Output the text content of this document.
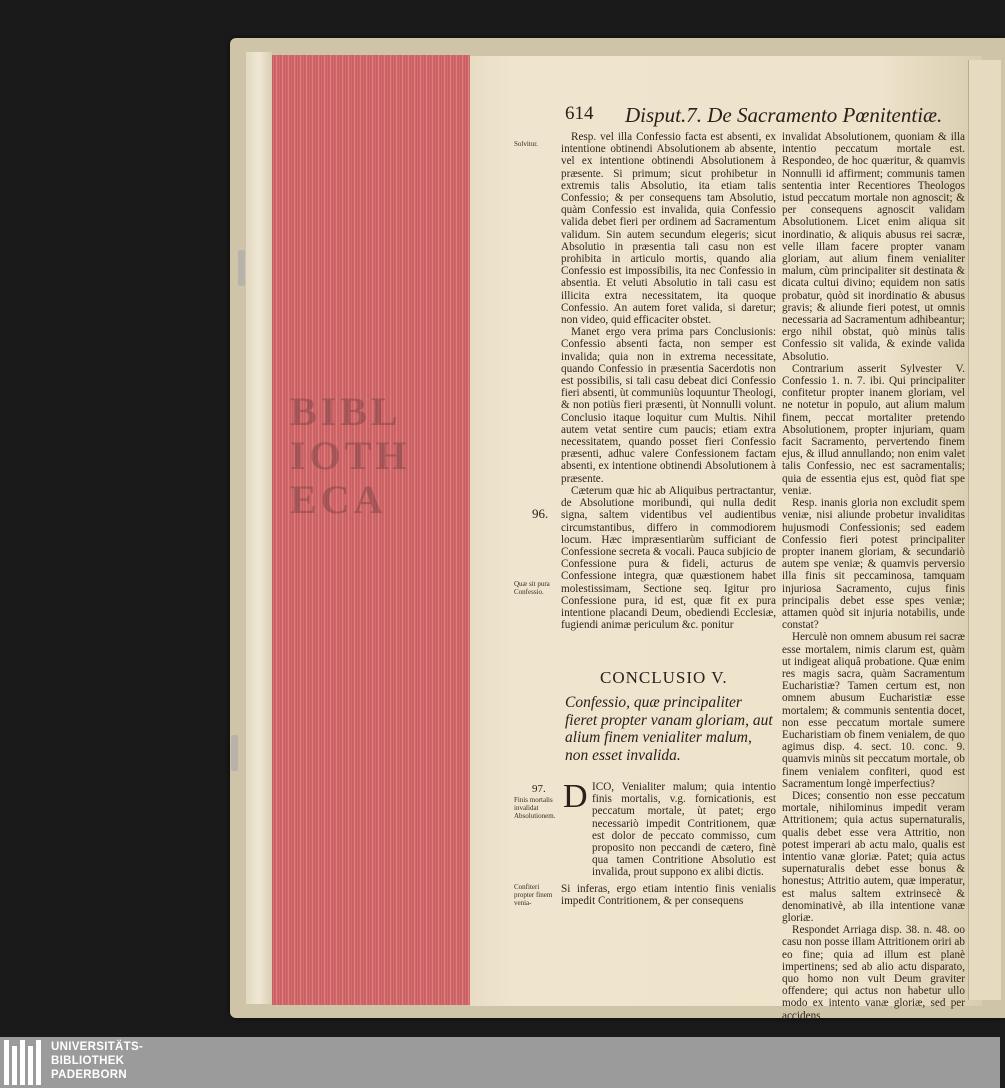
BIBL
IOTH
ECA
614 Disput.7. De Sacramento Pœnitentiæ.
Solvitur.
96.
Quæ sit pura Confessio.
97.
Finis mortalis invalidat Absolutionem.
Confiteri propter finem venia-

Resp. vel illa Confessio facta est absenti, ex intentione obtinendi Absolutionem ab absente, vel ex intentione obtinendi Absolutionem à præsente. Si primum; sicut prohibetur in extremis talis Absolutio, ita etiam talis Confessio; & per consequens tam Absolutio, quàm Confessio est invalida, quia Confessio valida debet fieri per ordinem ad Sacramentum validum. Sin autem secundum elegeris; sicut Absolutio in præsentia tali casu non est prohibita in articulo mortis, quando alia Confessio est impossibilis, ita nec Confessio in absentia. Et veluti Absolutio in tali casu est illicita extra necessitatem, ita quoque Confessio. An autem foret valida, si daretur; non video, quid efficaciter obstet.

Manet ergo vera prima pars Conclusionis: Confessio absenti facta, non semper est invalida; quia non in extrema necessitate, quando Confessio in præsentia Sacerdotis non est possibilis, si tali casu debeat dici Confessio fieri absenti, ùt communiùs loquuntur Theologi, & non potiùs fieri præsenti, ùt Nonnulli volunt. Conclusio itaque loquitur cum Multis. Nihil autem vetat sentire cum paucis; etiam extra necessitatem, quando posset fieri Confessio præsenti, adhuc valere Confessionem factam absenti, ex intentione obtinendi Absolutionem à præsente.

Cæterum quæ hic ab Aliquibus pertractantur, de Absolutione moribundi, qui nulla dedit signa, saltem videntibus vel audientibus circumstantibus, differo in commodiorem locum. Hæc impræsentiarùm sufficiant de Confessione secreta & vocali. Pauca subjicio de Confessione pura & fideli, acturus de Confessione integra, quæ quæstionem habet molestissimam, Sectione seq. Igitur pro Confessione pura, id est, quæ fit ex pura intentione placandi Deum, obediendi Ecclesiæ, fugiendi animæ periculum &c. ponitur

CONCLUSIO V.
Confessio, quæ principaliter fieret propter vanam gloriam, aut alium finem venialiter malum, non esset invalida.
D ICO, Venialiter malum; quia intentio finis mortalis, v.g. fornicationis, est peccatum mortale, ùt patet; ergo necessariò impedit Contritionem, quæ est dolor de peccato commisso, cum proposito non peccandi de cætero, finè qua tamen Contritione Absolutio est invalida, prout suppono ex alibi dictis.
Si inferas, ergo etiam intentio finis venialis impedit Contritionem, & per consequens

invalidat Absolutionem, quoniam & illa intentio peccatum mortale est. Respondeo, de hoc quæritur, & quamvis Nonnulli id affirment; communis tamen sententia inter Recentiores Theologos istud peccatum mortale non agnoscit; & per consequens agnoscit validam Absolutionem. Licet enim aliqua sit inordinatio, & aliquis abusus rei sacræ, velle illam facere propter vanam gloriam, aut alium finem venialiter malum, cùm principaliter sit destinata & dicata cultui divino; equidem non satis probatur, quòd sit inordinatio & abusus gravis; & aliunde fieri potest, ut omnis necessaria ad Sacramentum adhibeantur; ergo nihil obstat, quò minùs talis Confessio sit valida, & exinde valida Absolutio.

Contrarium asserit Sylvester V. Confessio 1. n. 7. ibi. Qui principaliter confitetur propter inanem gloriam, vel ne notetur in populo, aut alium malum finem, peccat mortaliter pretendo Absolutionem, propter injuriam, quam facit Sacramento, pervertendo finem ejus, & illud annullando; non enim valet talis Confessio, nec est sacramentalis; quia de essentia ejus est, quòd fiat spe veniæ.

Resp. inanis gloria non excludit spem veniæ, nisi aliunde probetur invaliditas hujusmodi Confessionis; sed eadem Confessio fieri potest principaliter propter inanem gloriam, & secundariò autem spe veniæ; & quamvis perversio illa finis sit peccaminosa, tamquam injuriosa Sacramento, cujus finis principalis debet esse spes veniæ; attamen quòd sit injuria notabilis, unde constat?

Herculè non omnem abusum rei sacræ esse mortalem, nimis clarum est, quàm ut indigeat aliquâ probatione. Quæ enim res magis sacra, quàm Sacramentum Eucharistiæ? Tamen certum est, non omnem abusum Eucharistiæ esse mortalem; & communis sententia docet, non esse peccatum mortale sumere Eucharistiam ob finem venialem, de quo agimus disp. 4. sect. 10. conc. 9. quamvis minùs sit peccatum mortale, ob finem venialem confiteri, quod est Sacramentum longè imperfectius?

Dices; consentio non esse peccatum mortale, nihilominus impedit veram Attritionem; quia actus supernaturalis, qualis debet esse vera Attritio, non potest imperari ab actu malo, qualis est intentio vanæ gloriæ. Patet; quia actus supernaturalis debet esse bonus & honestus; Attritio autem, quæ imperatur, est malus saltem extrinsecè & denominativè, ab illa intentione vanæ gloriæ.

Respondet Arriaga disp. 38. n. 48. oo casu non posse illam Attritionem oriri ab eo fine; quia ad illum est planè impertinens; sed ab alio actu disparato, quo homo non vult Deum graviter offendere; qui actus non habetur ullo modo ex intento vanæ gloriæ, sed per accidens

UNIVERSITÄTS-
BIBLIOTHEK
PADERBORN
